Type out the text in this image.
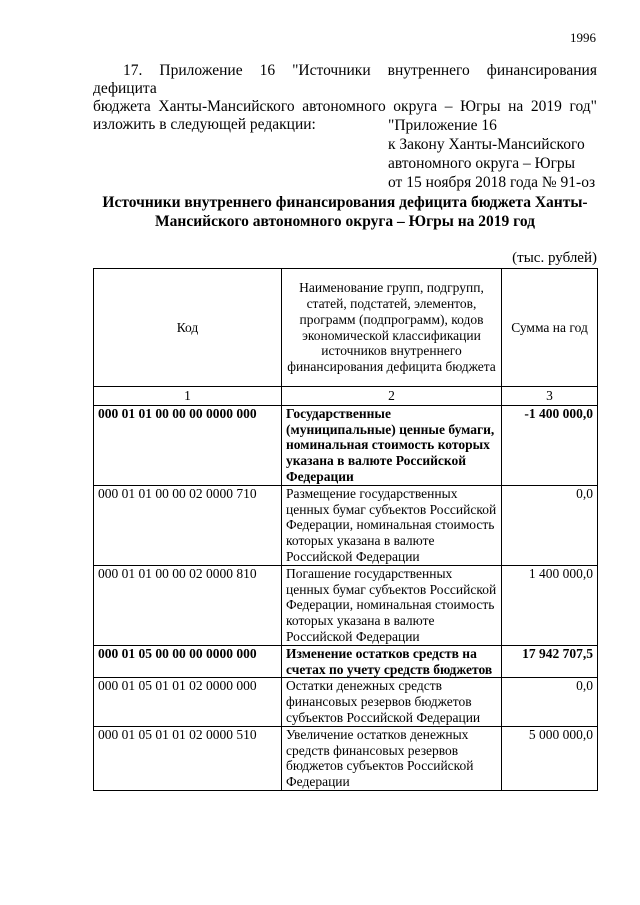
1996
17. Приложение 16 "Источники внутреннего финансирования дефицита
бюджета Ханты-Мансийского автономного округа – Югры на 2019 год"
изложить в следующей редакции:	"Приложение 16
к Закону Ханты-Мансийского
автономного округа – Югры
от 15 ноября 2018 года № 91-оз
Источники внутреннего финансирования дефицита бюджета Ханты-
Мансийского автономного округа – Югры на 2019 год
(тыс. рублей)
Код	Наименование групп, подгрупп, статей, подстатей, элементов, программ (подпрограмм), кодов экономической классификации источников внутреннего финансирования дефицита бюджета	Сумма на год
1	2	3
000 01 01 00 00 00 0000 000	Государственные (муниципальные) ценные бумаги, номинальная стоимость которых указана в валюте Российской Федерации	-1 400 000,0
000 01 01 00 00 02 0000 710	Размещение государственных ценных бумаг субъектов Российской Федерации, номинальная стоимость которых указана в валюте Российской Федерации	0,0
000 01 01 00 00 02 0000 810	Погашение государственных ценных бумаг субъектов Российской Федерации, номинальная стоимость которых указана в валюте Российской Федерации	1 400 000,0
000 01 05 00 00 00 0000 000	Изменение остатков средств на счетах по учету средств бюджетов	17 942 707,5
000 01 05 01 01 02 0000 000	Остатки денежных средств финансовых резервов бюджетов субъектов Российской Федерации	0,0
000 01 05 01 01 02 0000 510	Увеличение остатков денежных средств финансовых резервов бюджетов субъектов Российской Федерации	5 000 000,0
